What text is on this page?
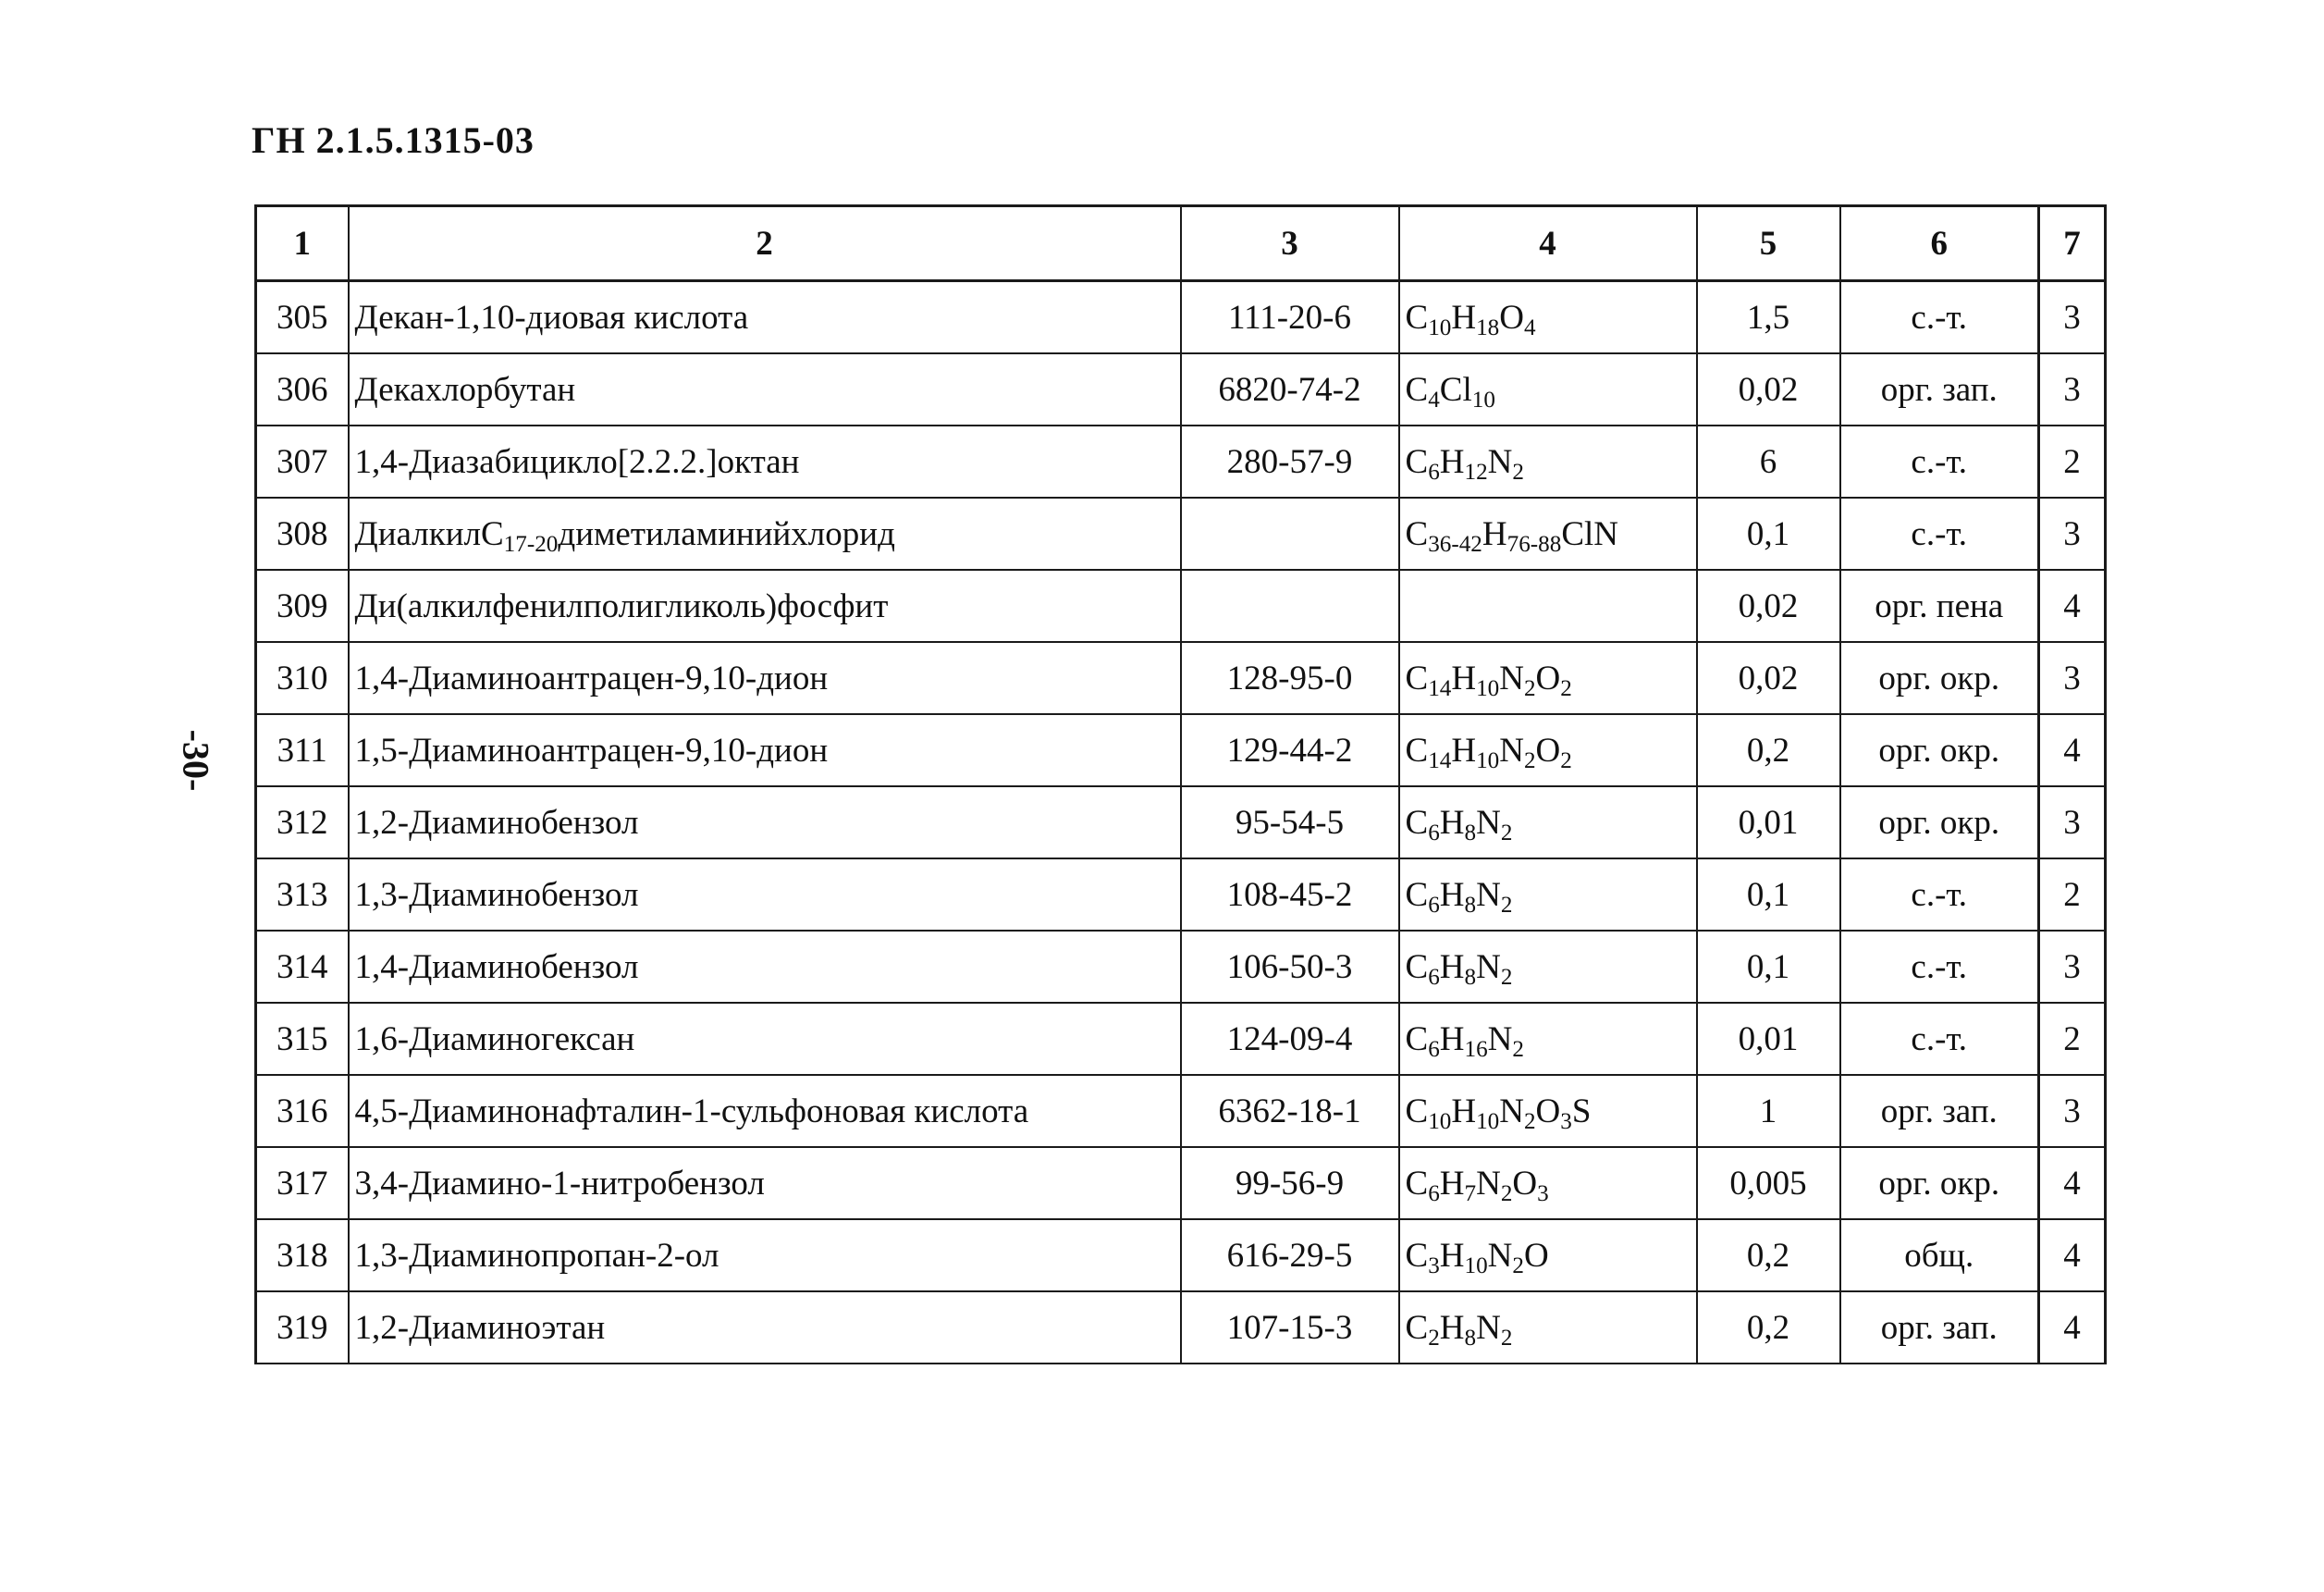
ГН 2.1.5.1315-03
-30-
1	2	3	4	5	6	7
305	Декан-1,10-диовая кислота	111-20-6	$C_{10}H_{18}O_4$	1,5	с.-т.	3
306	Декахлорбутан	6820-74-2	$C_4Cl_{10}$	0,02	орг. зап.	3
307	1,4-Диазабицикло[2.2.2.]октан	280-57-9	$C_6H_{12}N_2$	6	с.-т.	2
308	ДиалкилС$_{17-20}$диметиламинийхлорид		$C_{36-42}H_{76-88}ClN$	0,1	с.-т.	3
309	Ди(алкилфенилполигликоль)фосфит			0,02	орг. пена	4
310	1,4-Диаминоантрацен-9,10-дион	128-95-0	$C_{14}H_{10}N_2O_2$	0,02	орг. окр.	3
311	1,5-Диаминоантрацен-9,10-дион	129-44-2	$C_{14}H_{10}N_2O_2$	0,2	орг. окр.	4
312	1,2-Диаминобензол	95-54-5	$C_6H_8N_2$	0,01	орг. окр.	3
313	1,3-Диаминобензол	108-45-2	$C_6H_8N_2$	0,1	с.-т.	2
314	1,4-Диаминобензол	106-50-3	$C_6H_8N_2$	0,1	с.-т.	3
315	1,6-Диаминогексан	124-09-4	$C_6H_{16}N_2$	0,01	с.-т.	2
316	4,5-Диаминонафталин-1-сульфоновая кислота	6362-18-1	$C_{10}H_{10}N_2O_3S$	1	орг. зап.	3
317	3,4-Диамино-1-нитробензол	99-56-9	$C_6H_7N_2O_3$	0,005	орг. окр.	4
318	1,3-Диаминопропан-2-ол	616-29-5	$C_3H_{10}N_2O$	0,2	общ.	4
319	1,2-Диаминоэтан	107-15-3	$C_2H_8N_2$	0,2	орг. зап.	4
